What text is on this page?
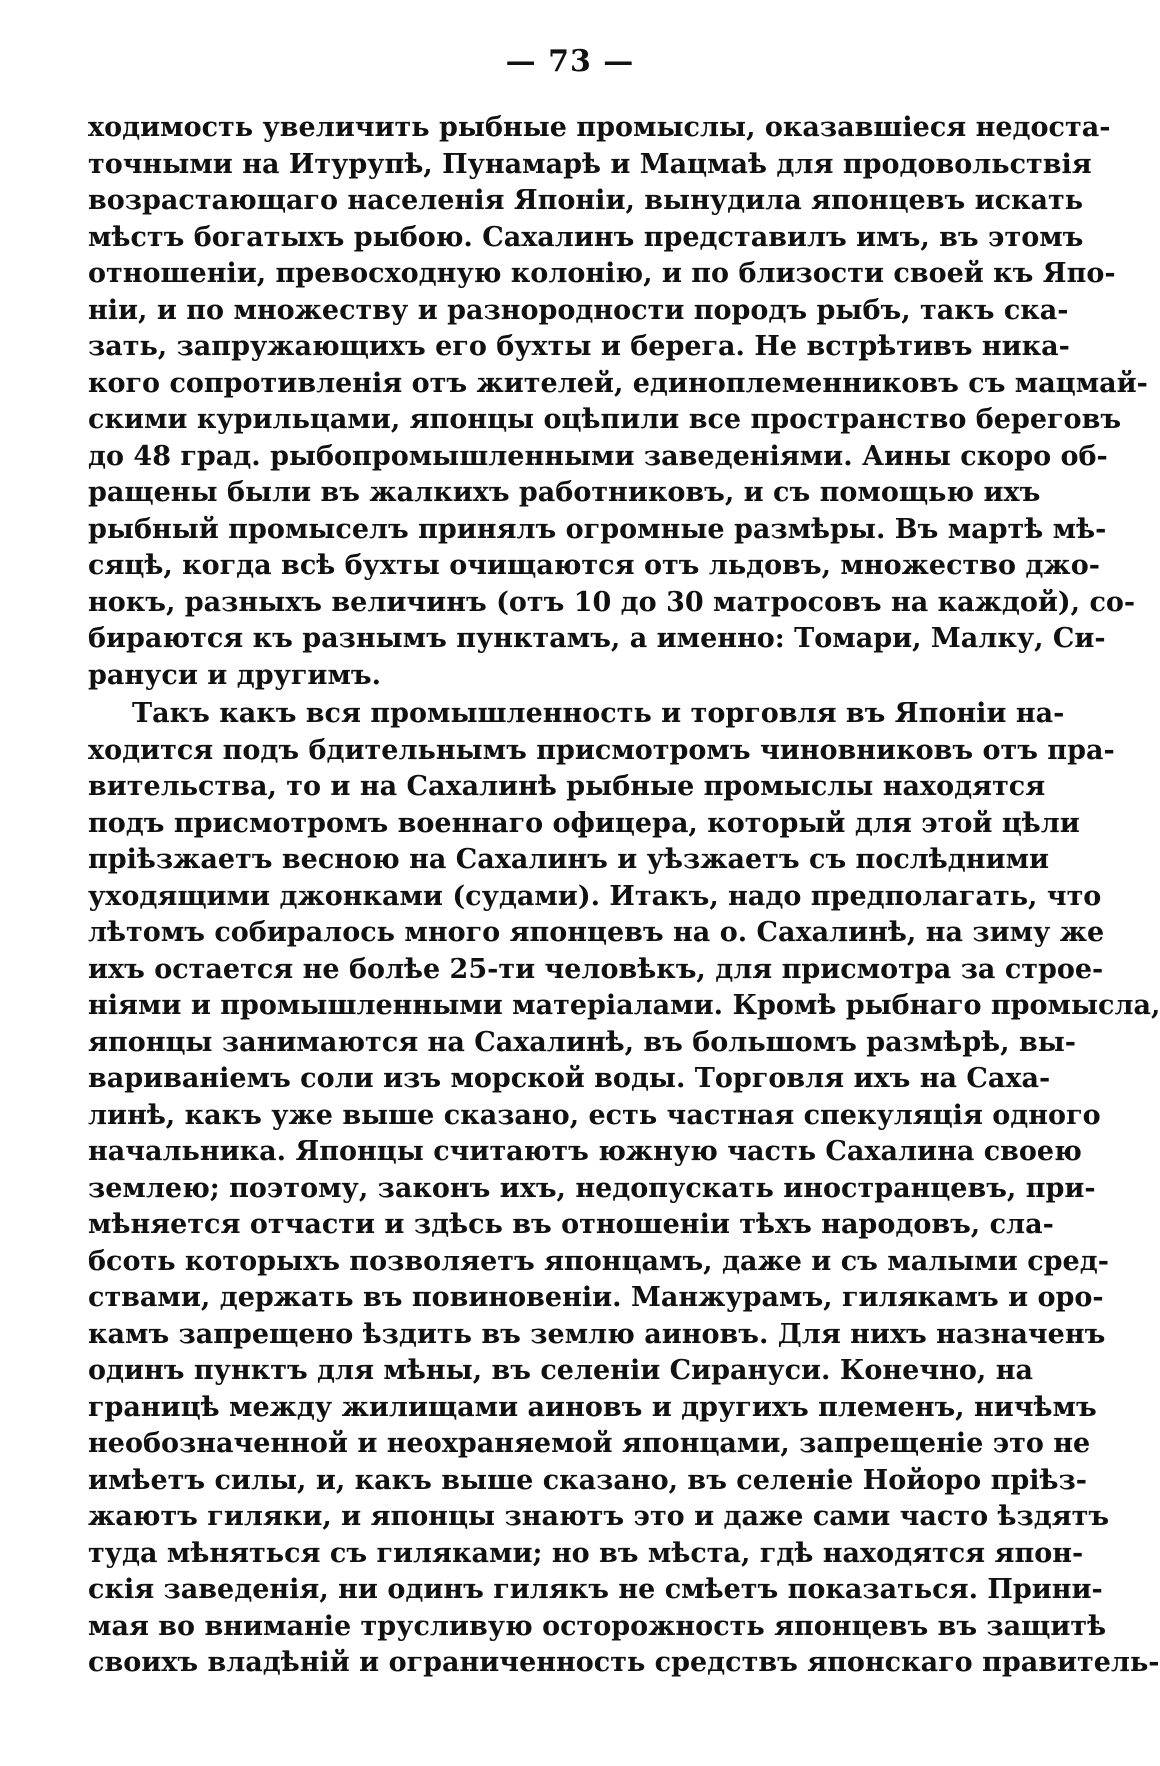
— 73 —
ходимость увеличить рыбные промыслы, оказавшiеся недоста-
точными на Итурупѣ, Пунамарѣ и Мацмаѣ для продовольствiя
возрастающаго населенiя Японiи, вынудила японцевъ искать
мѣстъ богатыхъ рыбою. Сахалинъ представилъ имъ, въ этомъ
отношенiи, превосходную колонiю, и по близости своей къ Япо-
нiи, и по множеству и разнородности породъ рыбъ, такъ ска-
зать, запружающихъ его бухты и берега. Не встрѣтивъ никa-
кого сопротивленiя отъ жителей, единоплеменниковъ съ мацмай-
скими курильцами, японцы оцѣпили все пространство береговъ
до 48 град. рыбопромышленными заведенiями. Аины скоро об-
ращены были въ жалкихъ работниковъ, и съ помощью ихъ
рыбный промыселъ принялъ огромные размѣры. Въ мартѣ мѣ-
сяцѣ, когда всѣ бухты очищаются отъ льдовъ, множество джо-
нокъ, разныхъ величинъ (отъ 10 до 30 матросовъ на каждой), со-
бираются къ разнымъ пунктамъ, а именно: Томари, Малку, Си-
рануси и другимъ.
Такъ какъ вся промышленность и торговля въ Японiи на-
ходится подъ бдительнымъ присмотромъ чиновниковъ отъ пра-
вительства, то и на Сахалинѣ рыбные промыслы находятся
подъ присмотромъ военнаго офицера, который для этой цѣли
прiѣзжаетъ весною на Сахалинъ и уѣзжаетъ съ послѣдними
уходящими джонками (судами). Итакъ, надо предполагать, что
лѣтомъ собиралось много японцевъ на о. Сахалинѣ, на зиму же
ихъ остается не болѣе 25-ти человѣкъ, для присмотра за строе-
нiями и промышленными матерiалами. Кромѣ рыбнаго промысла,
японцы занимаются на Сахалинѣ, въ большомъ размѣрѣ, вы-
вариванiемъ соли изъ морской воды. Торговля ихъ на Саха-
линѣ, какъ уже выше сказано, есть частная спекуляцiя одного
начальника. Японцы считаютъ южную часть Сахалина своею
землею; поэтому, законъ ихъ, недопускать иностранцевъ, при-
мѣняется отчасти и здѣсь въ отношенiи тѣхъ народовъ, сла-
бсоть которыхъ позволяетъ японцамъ, даже и съ малыми сред-
ствами, держать въ повиновенiи. Манжурамъ, гилякамъ и оро-
камъ запрещено ѣздить въ землю аиновъ. Для нихъ назначенъ
одинъ пунктъ для мѣны, въ селенiи Сирануси. Конечно, на
границѣ между жилищами аиновъ и другихъ племенъ, ничѣмъ
необозначенной и неохраняемой японцами, запрещенiе это не
имѣетъ силы, и, какъ выше сказано, въ селенiе Нойоро прiѣз-
жаютъ гиляки, и японцы знаютъ это и даже сами часто ѣздятъ
туда мѣняться съ гиляками; но въ мѣста, гдѣ находятся япон-
скiя заведенiя, ни одинъ гилякъ не смѣетъ показаться. Прини-
мая во вниманiе трусливую осторожность японцевъ въ защитѣ
своихъ владѣнiй и ограниченность средствъ японскаго правитель-
